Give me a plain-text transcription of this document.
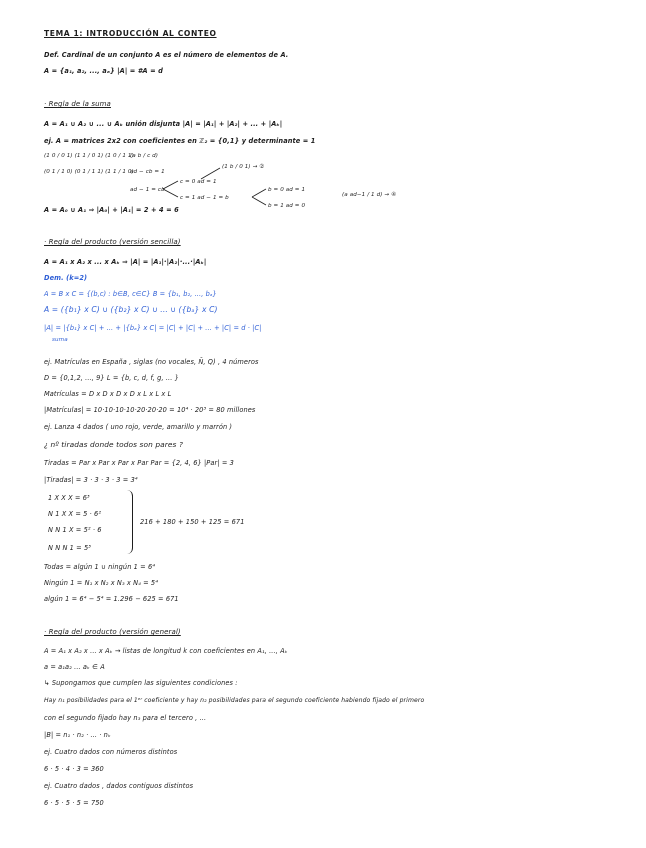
TEMA 1: INTRODUCCIÓN AL CONTEO
Def. Cardinal de un conjunto A es el número de elementos de A.
A = {a₁, a₂, ..., aₐ} |A| = #A = d
· Regla de la suma
A = A₁ ∪ A₂ ∪ ... ∪ Aₖ unión disjunta |A| = |A₁| + |A₂| + ... + |Aₖ|
ej. A = matrices 2x2 con coeficientes en ℤ₂ = {0,1} y determinante = 1
(1 0 / 0 1) (1 1 / 0 1) (1 0 / 1 1)
(a b / c d)
(0 1 / 1 0) (0 1 / 1 1) (1 1 / 1 0)
ad − cb = 1
(1 b / 0 1) → ②
c = 0 ad = 1
ad − 1 = cb
c = 1 ad − 1 = b
b = 0 ad = 1
b = 1 ad = 0
(a ad−1 / 1 d) → ④
A = A₀ ∪ A₁ ⇒ |A₀| + |A₁| = 2 + 4 = 6
· Regla del producto (versión sencilla)
A = A₁ x A₂ x ... x Aₖ ⇒ |A| = |A₁|·|A₂|·...·|Aₖ|
Dem. (k=2)
A = B x C = {(b,c) : b∈B, c∈C} B = {b₁, b₂, ..., bₐ}
A = ({b₁} x C) ∪ ({b₂} x C) ∪ ... ∪ ({bₐ} x C)
|A| = |{b₁} x C| + ... + |{bₐ} x C| = |C| + |C| + ... + |C| = d · |C|
suma
ej. Matrículas en España , siglas (no vocales, Ñ, Q) , 4 números
D = {0,1,2, ..., 9} L = {b, c, d, f, g, ... }
Matrículas = D x D x D x D x L x L x L
|Matrículas| = 10·10·10·10·20·20·20 = 10⁴ · 20³ = 80 millones
ej. Lanza 4 dados ( uno rojo, verde, amarillo y marrón )
¿ nº tiradas donde todos son pares ?
Tiradas = Par x Par x Par x Par Par = {2, 4, 6} |Par| = 3
|Tiradas| = 3 · 3 · 3 · 3 = 3⁴
1 X X X = 6³
N 1 X X = 5 · 6²
N N 1 X = 5² · 6
N N N 1 = 5³
216 + 180 + 150 + 125 = 671
Todas = algún 1 ∪ ningún 1 = 6⁴
Ningún 1 = N₁ x N₂ x N₃ x N₄ = 5⁴
algún 1 = 6⁴ − 5⁴ = 1.296 − 625 = 671
· Regla del producto (versión general)
A = A₁ x A₂ x ... x Aₖ → listas de longitud k con coeficientes en A₁, ..., Aₖ
a = a₁a₂ ... aₖ ∈ A
↳ Supongamos que cumplen las siguientes condiciones :
Hay n₁ posibilidades para el 1ᵉʳ coeficiente y hay n₂ posibilidades para el segundo coeficiente habiendo fijado el primero
con el segundo fijado hay n₃ para el tercero , ...
|B| = n₁ · n₂ · ... · nₖ
ej. Cuatro dados con números distintos
6 · 5 · 4 · 3 = 360
ej. Cuatro dados , dados contiguos distintos
6 · 5 · 5 · 5 = 750
